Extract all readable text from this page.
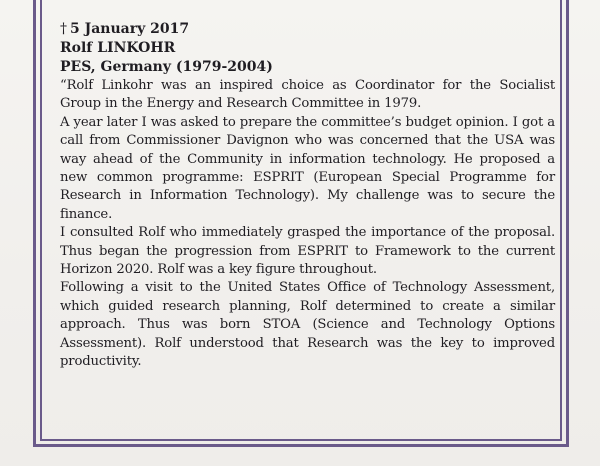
† 5 January 2017
Rolf LINKOHR
PES, Germany (1979-2004)
“Rolf Linkohr was an inspired choice as Coordinator for the Socialist Group in the Energy and Research Committee in 1979.
A year later I was asked to prepare the committee’s budget opinion. I got a call from Commissioner Davignon who was concerned that the USA was way ahead of the Community in information technology. He proposed a new common programme: ESPRIT (European Special Programme for Research in Information Technology). My challenge was to secure the finance.
I consulted Rolf who immediately grasped the importance of the proposal. Thus began the progression from ESPRIT to Framework to the current Horizon 2020. Rolf was a key figure throughout.
Following a visit to the United States Office of Technology Assessment, which guided research planning, Rolf determined to create a similar approach. Thus was born STOA (Science and Technology Options Assessment). Rolf understood that Research was the key to improved productivity.
